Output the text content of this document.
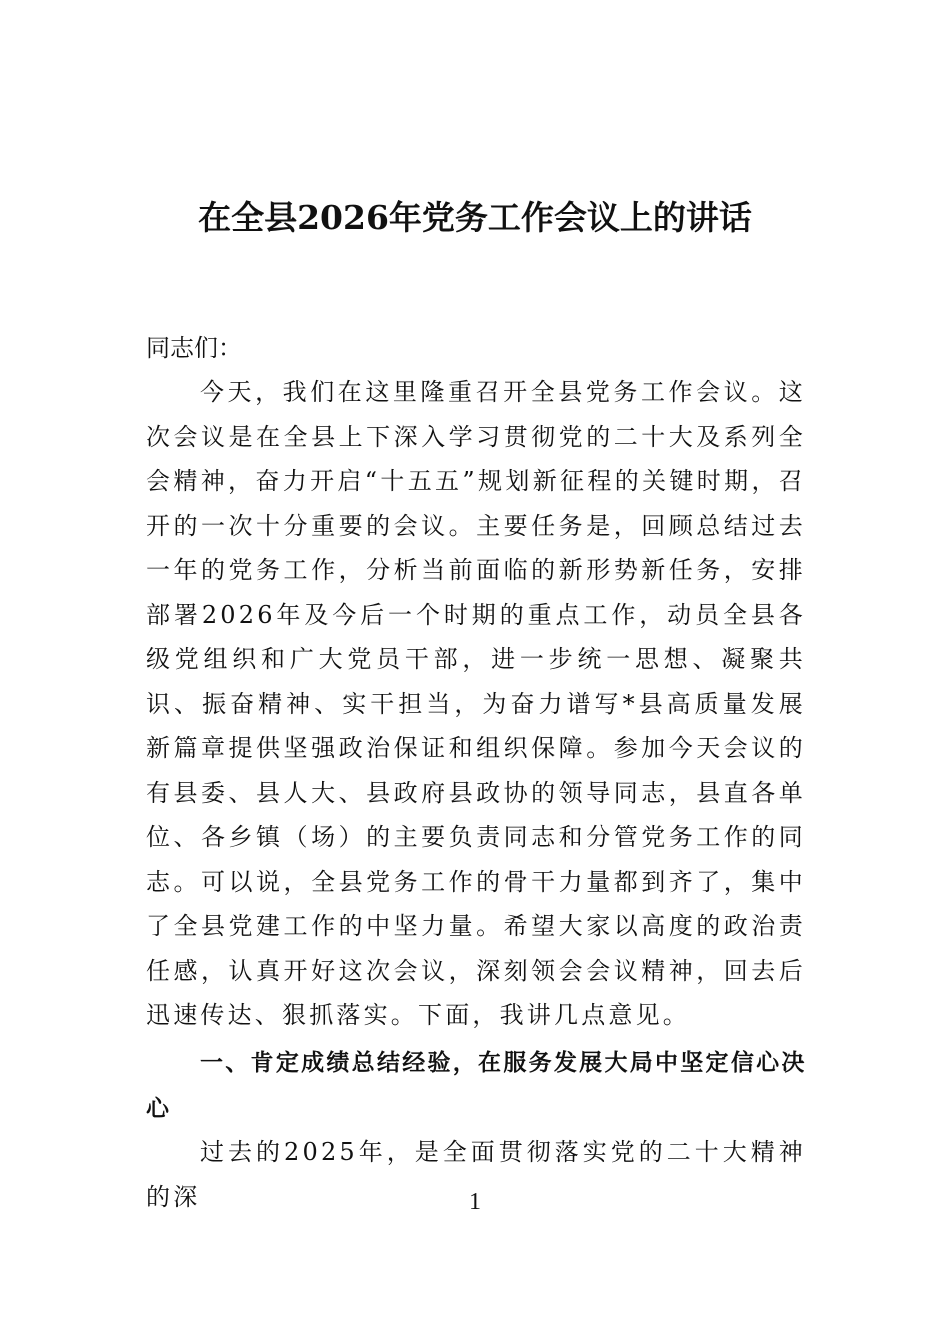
在全县2026年党务工作会议上的讲话
同志们：

今天，我们在这里隆重召开全县党务工作会议。这次会议是在全县上下深入学习贯彻党的二十大及系列全会精神，奋力开启“十五五”规划新征程的关键时期，召开的一次十分重要的会议。主要任务是，回顾总结过去一年的党务工作，分析当前面临的新形势新任务，安排部署2026年及今后一个时期的重点工作，动员全县各级党组织和广大党员干部，进一步统一思想、凝聚共识、振奋精神、实干担当，为奋力谱写*县高质量发展新篇章提供坚强政治保证和组织保障。参加今天会议的有县委、县人大、县政府县政协的领导同志，县直各单位、各乡镇（场）的主要负责同志和分管党务工作的同志。可以说，全县党务工作的骨干力量都到齐了，集中了全县党建工作的中坚力量。希望大家以高度的政治责任感，认真开好这次会议，深刻领会会议精神，回去后迅速传达、狠抓落实。下面，我讲几点意见。

一、肯定成绩总结经验，在服务发展大局中坚定信心决心

过去的2025年，是全面贯彻落实党的二十大精神的深	1
